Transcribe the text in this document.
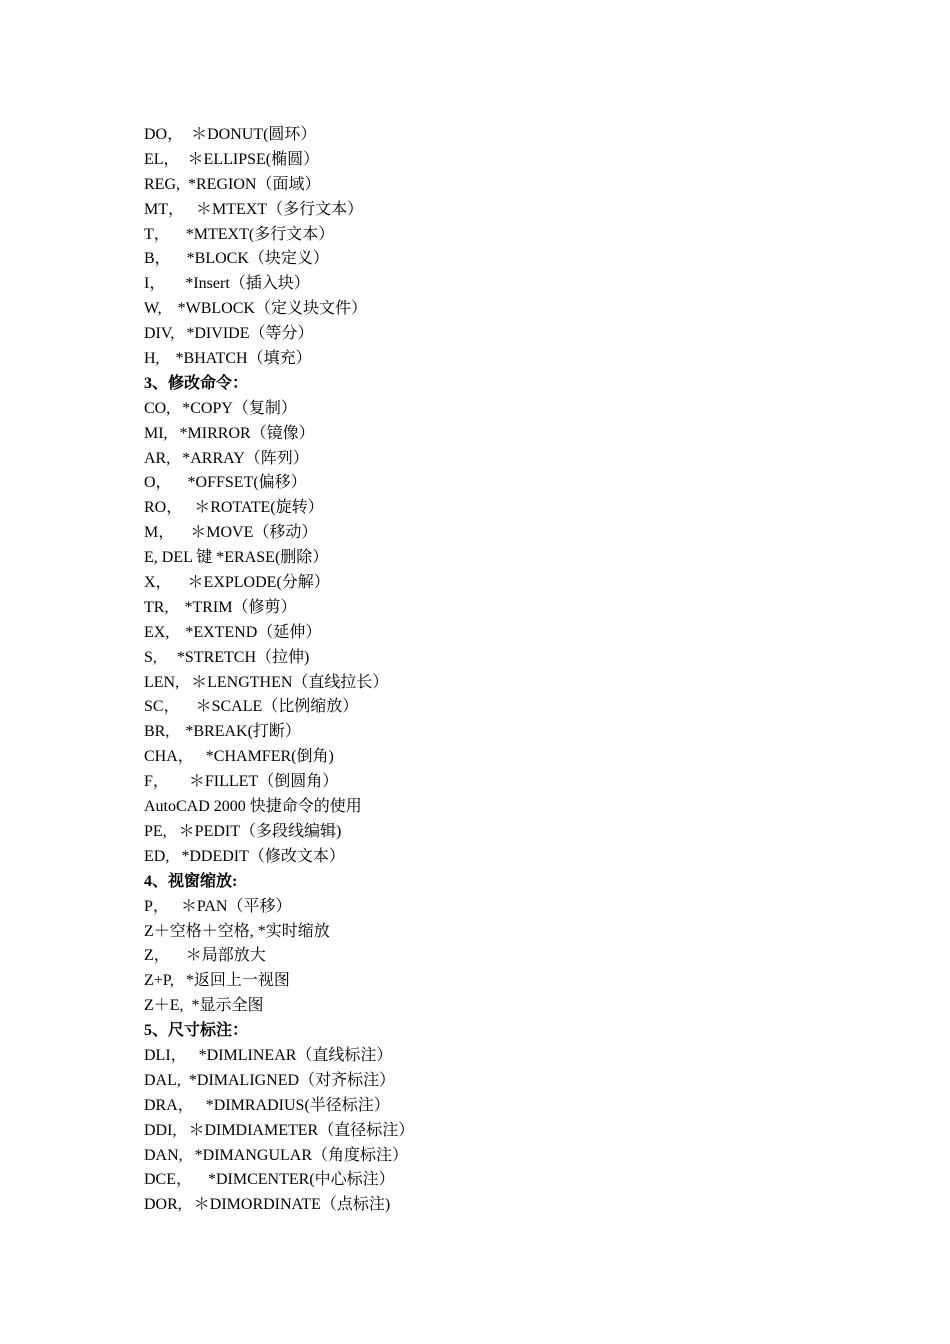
DO，  ＊DONUT(圆环）
EL，  ＊ELLIPSE(椭圆）
REG,  *REGION（面域）
MT，   ＊MTEXT（多行文本）
T，    *MTEXT(多行文本）
B，    *BLOCK（块定义）
I，     *Insert（插入块）
W,    *WBLOCK（定义块文件）
DIV,   *DIVIDE（等分）
H,    *BHATCH（填充）
3、修改命令：
CO,   *COPY（复制）
MI,   *MIRROR（镜像）
AR,   *ARRAY（阵列）
O，    *OFFSET(偏移）
RO，   ＊ROTATE(旋转）
M，    ＊MOVE（移动）
E, DEL 键 *ERASE(删除）
X，    ＊EXPLODE(分解）
TR,    *TRIM（修剪）
EX,    *EXTEND（延伸）
S,     *STRETCH（拉伸)
LEN,   ＊LENGTHEN（直线拉长）
SC，    ＊SCALE（比例缩放）
BR,    *BREAK(打断）
CHA，   *CHAMFER(倒角)
F，     ＊FILLET（倒圆角）
AutoCAD 2000 快捷命令的使用
PE,   ＊PEDIT（多段线编辑)
ED,   *DDEDIT（修改文本）
4、视窗缩放:
P，   ＊PAN（平移）
Z＋空格＋空格, *实时缩放
Z，    ＊局部放大
Z+P,   *返回上一视图
Z＋E,  *显示全图
5、尺寸标注：
DLI，   *DIMLINEAR（直线标注）
DAL,  *DIMALIGNED（对齐标注）
DRA，   *DIMRADIUS(半径标注）
DDI,   ＊DIMDIAMETER（直径标注）
DAN,   *DIMANGULAR（角度标注）
DCE，    *DIMCENTER(中心标注）
DOR,   ＊DIMORDINATE（点标注)
